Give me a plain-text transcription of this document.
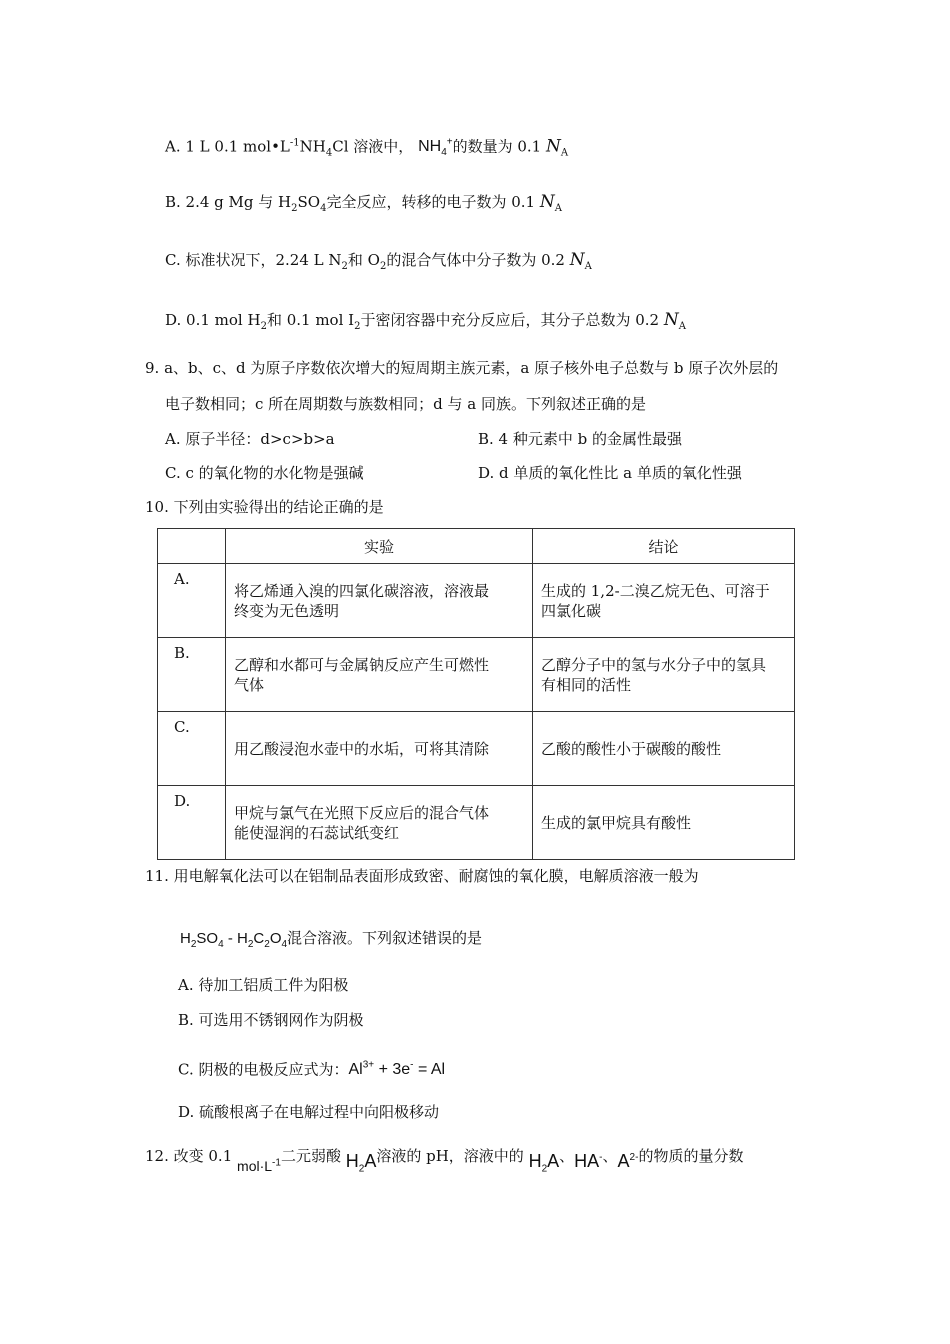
A. 1 L 0.1 $mol•L^{-1}NH_4Cl$ 溶液中， $NH_4^+$的数量为 0.1 $N_A$
B. 2.4 g Mg 与 $H_2SO_4$完全反应，转移的电子数为 0.1 $N_A$
C. 标准状况下，2.24 L $N_2$和 $O_2$的混合气体中分子数为 0.2 $N_A$
D. 0.1 mol $H_2$和 0.1 mol $I_2$于密闭容器中充分反应后，其分子总数为 0.2 $N_A$
9. a、b、c、d 为原子序数依次增大的短周期主族元素，a 原子核外电子总数与 b 原子次外层的
电子数相同；c 所在周期数与族数相同；d 与 a 同族。下列叙述正确的是
A. 原子半径：d>c>b>a	B. 4 种元素中 b 的金属性最强
C. c 的氧化物的水化物是强碱	D. d 单质的氧化性比 a 单质的氧化性强
10. 下列由实验得出的结论正确的是
	实验	结论
A.	将乙烯通入溴的四氯化碳溶液，溶液最
终变为无色透明	生成的 1,2-二溴乙烷无色、可溶于
四氯化碳

B.	乙醇和水都可与金属钠反应产生可燃性
气体	乙醇分子中的氢与水分子中的氢具
有相同的活性

C.	用乙酸浸泡水壶中的水垢，可将其清除	乙酸的酸性小于碳酸的酸性

D.	甲烷与氯气在光照下反应后的混合气体
能使湿润的石蕊试纸变红	生成的氯甲烷具有酸性
11. 用电解氧化法可以在铝制品表面形成致密、耐腐蚀的氧化膜，电解质溶液一般为
$H_2SO_4 - H_2C_2O_4$混合溶液。下列叙述错误的是
A. 待加工铝质工件为阳极
B. 可选用不锈钢网作为阴极
C. 阴极的电极反应式为：$Al^{3+} + 3e^- = Al$
D. 硫酸根离子在电解过程中向阳极移动
12. 改变 0.1 $mol\cdot L^{-1}$二元弱酸 $H_2A$溶液的 pH，溶液中的 $H_2A$、HA-、$A^{2-}$的物质的量分数
